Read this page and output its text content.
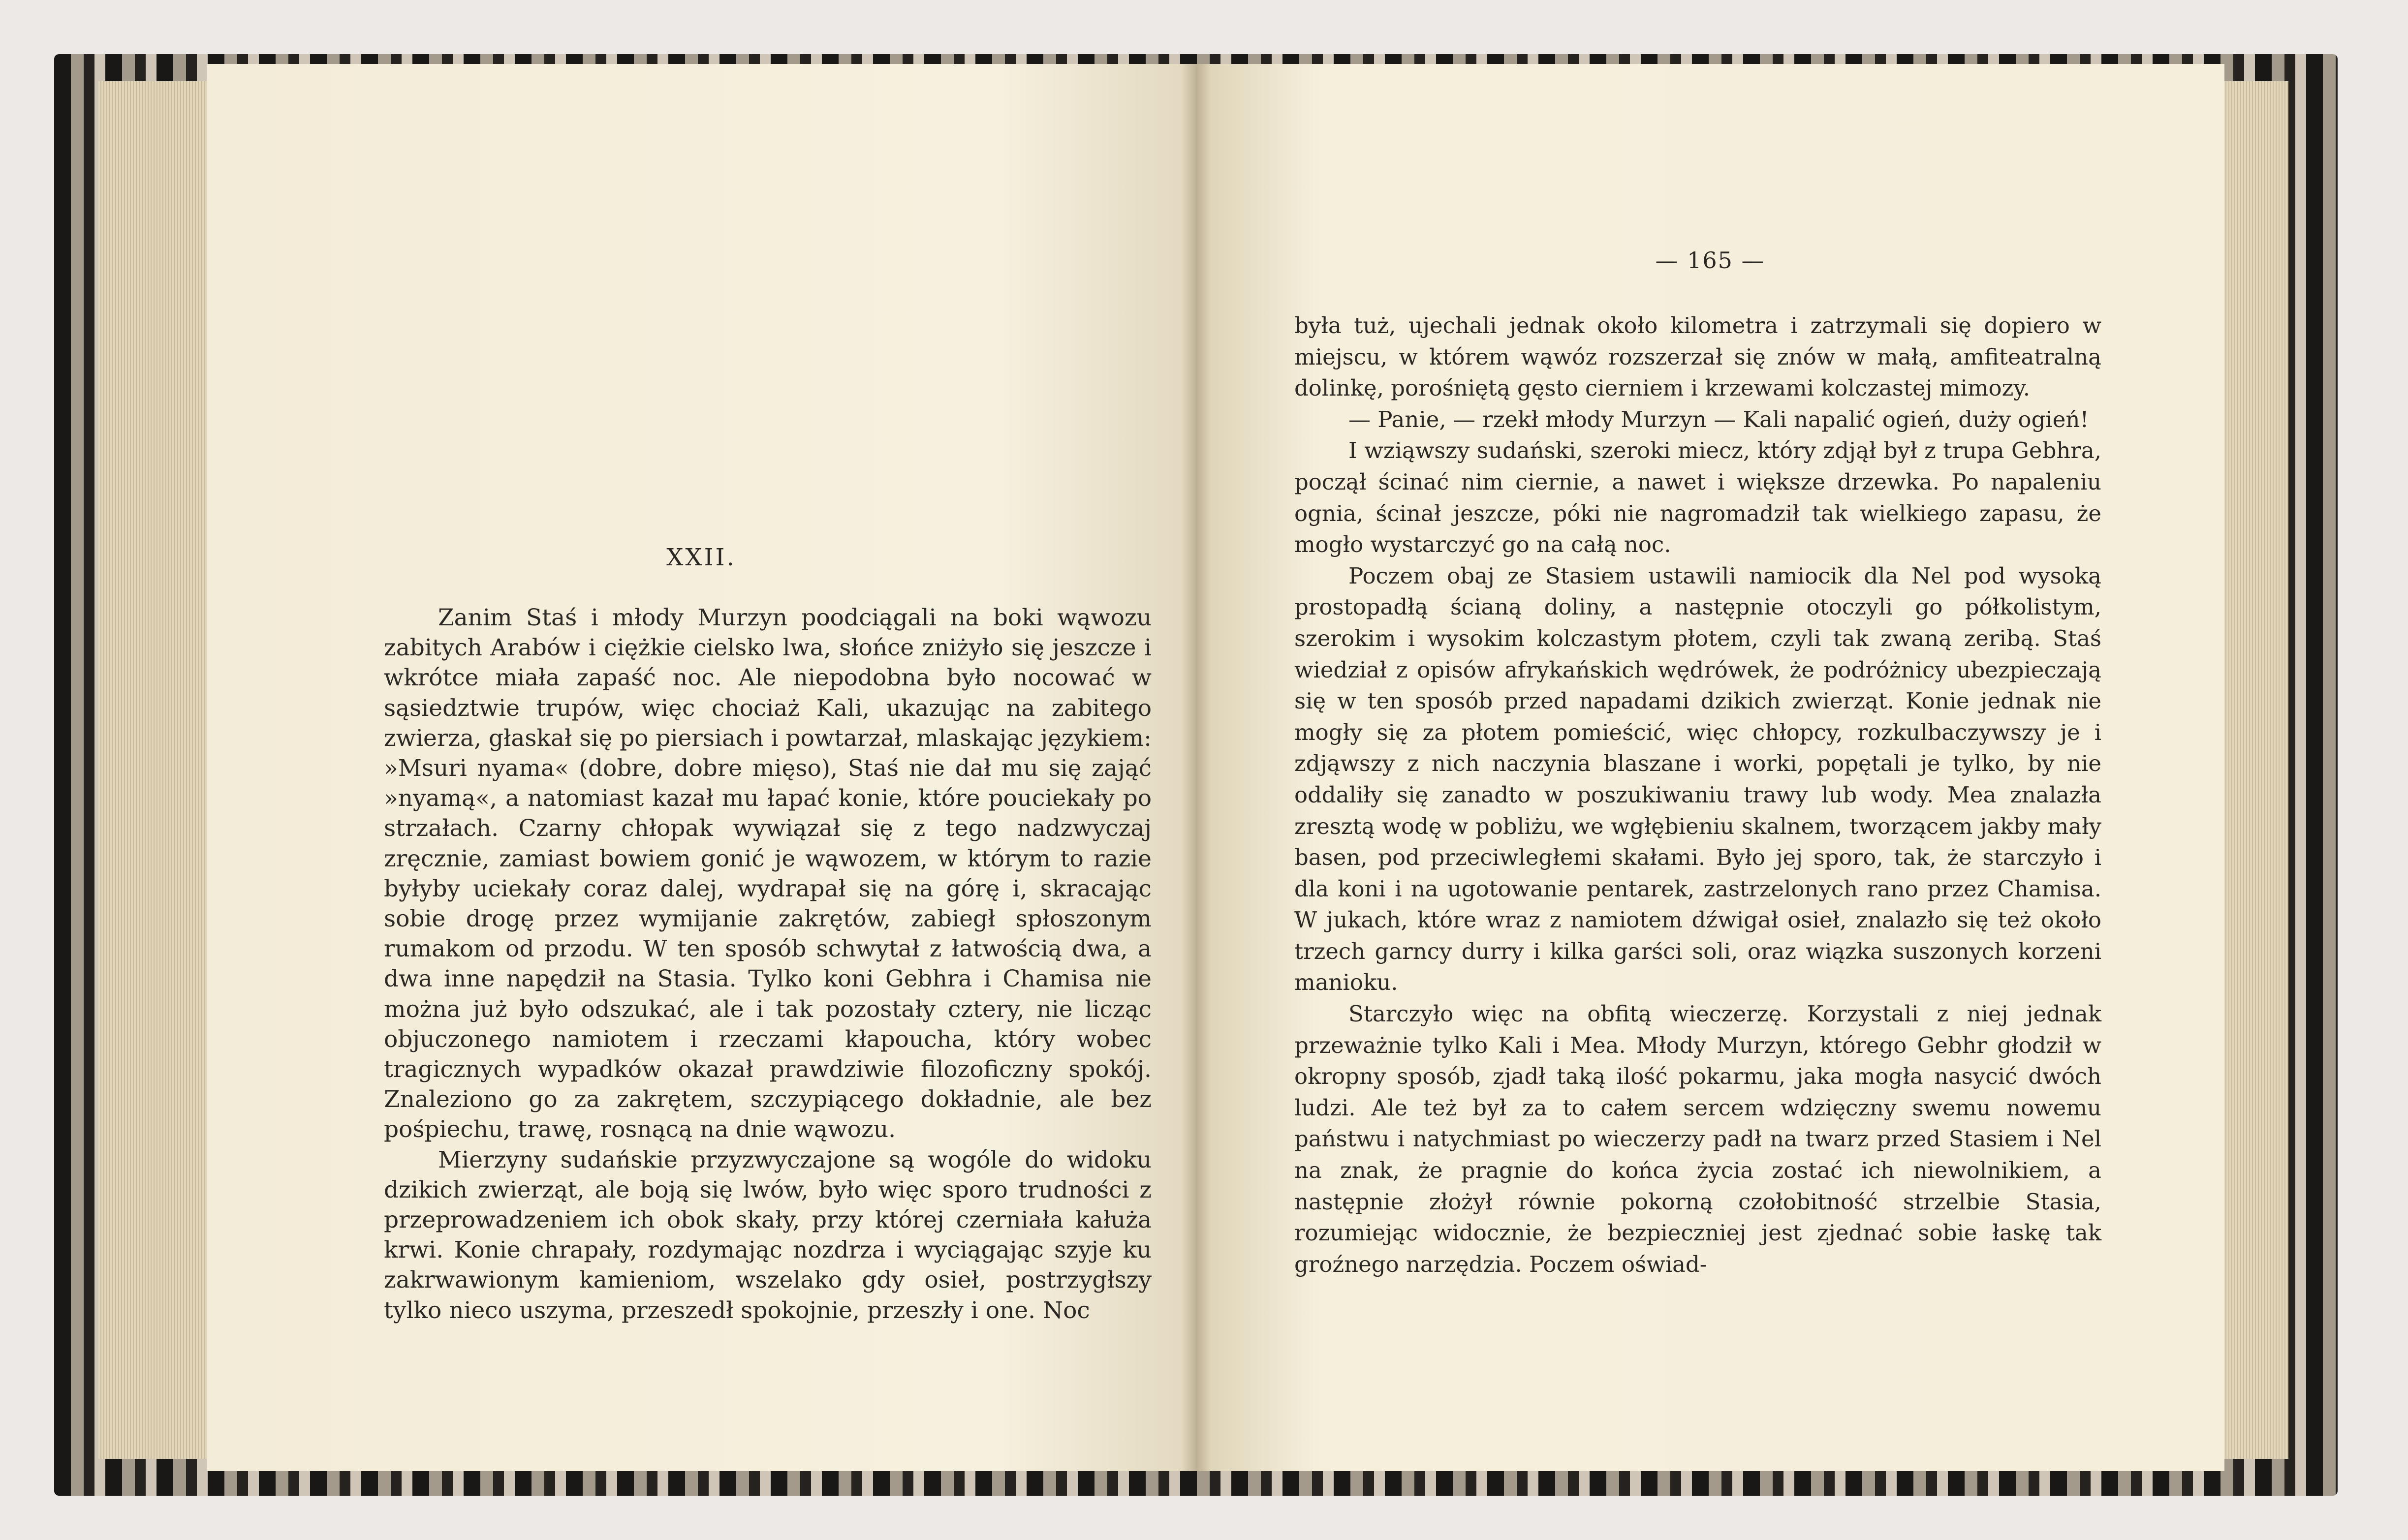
XXII.

Zanim Staś i młody Murzyn poodciągali na boki wąwozu zabitych Arabów i ciężkie cielsko lwa, słońce zniżyło się jeszcze i wkrótce miała zapaść noc. Ale niepodobna było nocować w sąsiedztwie trupów, więc chociaż Kali, ukazując na zabitego zwierza, głaskał się po piersiach i powtarzał, mlaskając językiem: »Msuri nyama« (dobre, dobre mięso), Staś nie dał mu się zająć »nyamą«, a natomiast kazał mu łapać konie, które pouciekały po strzałach. Czarny chłopak wywiązał się z tego nadzwyczaj zręcznie, zamiast bowiem gonić je wąwozem, w którym to razie byłyby uciekały coraz dalej, wydrapał się na górę i, skracając sobie drogę przez wymijanie zakrętów, zabiegł spłoszonym rumakom od przodu. W ten sposób schwytał z łatwością dwa, a dwa inne napędził na Stasia. Tylko koni Gebhra i Chamisa nie można już było odszukać, ale i tak pozostały cztery, nie licząc objuczonego namiotem i rzeczami kłapoucha, który wobec tragicznych wypadków okazał prawdziwie filozoficzny spokój. Znaleziono go za zakrętem, szczypiącego dokładnie, ale bez pośpiechu, trawę, rosnącą na dnie wąwozu.

Mierzyny sudańskie przyzwyczajone są wogóle do widoku dzikich zwierząt, ale boją się lwów, było więc sporo trudności z przeprowadzeniem ich obok skały, przy której czerniała kałuża krwi. Konie chrapały, rozdymając nozdrza i wyciągając szyje ku zakrwawionym kamieniom, wszelako gdy osieł, postrzygłszy tylko nieco uszyma, przeszedł spokojnie, przeszły i one. Noc

— 165 —

była tuż, ujechali jednak około kilometra i zatrzymali się dopiero w miejscu, w którem wąwóz rozszerzał się znów w małą, amfiteatralną dolinkę, porośniętą gęsto cierniem i krzewami kolczastej mimozy.

— Panie, — rzekł młody Murzyn — Kali napalić ogień, duży ogień!

I wziąwszy sudański, szeroki miecz, który zdjął był z trupa Gebhra, począł ścinać nim ciernie, a nawet i większe drzewka. Po napaleniu ognia, ścinał jeszcze, póki nie nagromadził tak wielkiego zapasu, że mogło wystarczyć go na całą noc.

Poczem obaj ze Stasiem ustawili namiocik dla Nel pod wysoką prostopadłą ścianą doliny, a następnie otoczyli go półkolistym, szerokim i wysokim kolczastym płotem, czyli tak zwaną zeribą. Staś wiedział z opisów afrykańskich wędrówek, że podróżnicy ubezpieczają się w ten sposób przed napadami dzikich zwierząt. Konie jednak nie mogły się za płotem pomieścić, więc chłopcy, rozkulbaczywszy je i zdjąwszy z nich naczynia blaszane i worki, popętali je tylko, by nie oddaliły się zanadto w poszukiwaniu trawy lub wody. Mea znalazła zresztą wodę w pobliżu, we wgłębieniu skalnem, tworzącem jakby mały basen, pod przeciwległemi skałami. Było jej sporo, tak, że starczyło i dla koni i na ugotowanie pentarek, zastrzelonych rano przez Chamisa. W jukach, które wraz z namiotem dźwigał osieł, znalazło się też około trzech garncy durry i kilka garści soli, oraz wiązka suszonych korzeni manioku.

Starczyło więc na obfitą wieczerzę. Korzystali z niej jednak przeważnie tylko Kali i Mea. Młody Murzyn, którego Gebhr głodził w okropny sposób, zjadł taką ilość pokarmu, jaka mogła nasycić dwóch ludzi. Ale też był za to całem sercem wdzięczny swemu nowemu państwu i natychmiast po wieczerzy padł na twarz przed Stasiem i Nel na znak, że pragnie do końca życia zostać ich niewolnikiem, a następnie złożył równie pokorną czołobitność strzelbie Stasia, rozumiejąc widocznie, że bezpieczniej jest zjednać sobie łaskę tak groźnego narzędzia. Poczem oświad-
